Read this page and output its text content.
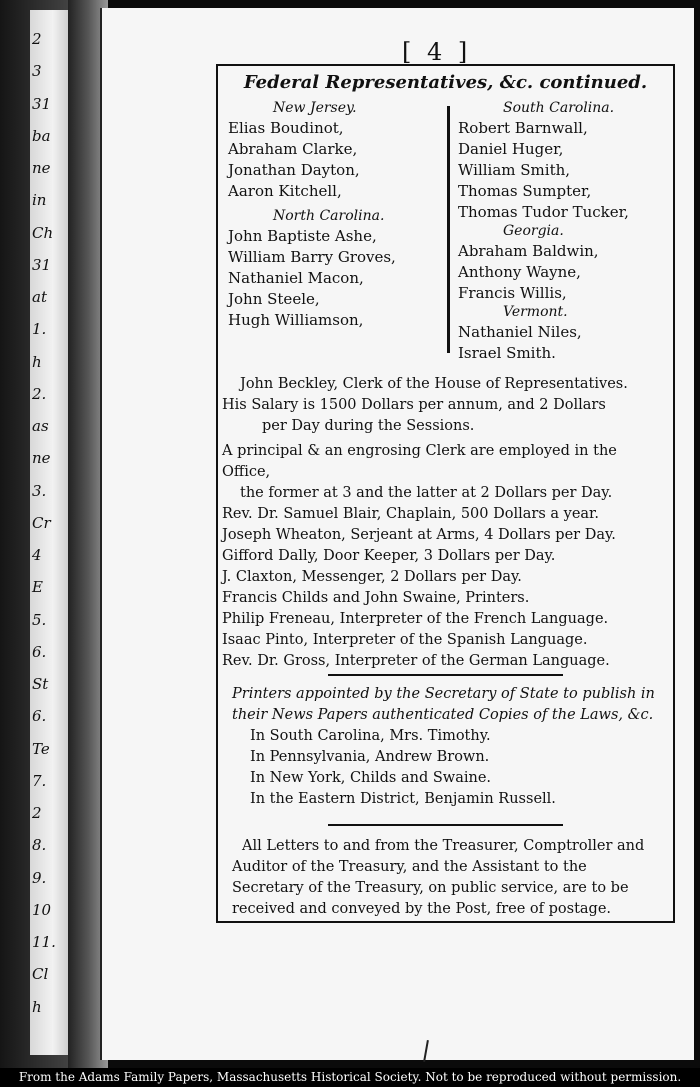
2
3
31
ba
ne
in
Ch
31
at
1.
h
2.
as
ne
3.
Cr
4
E
5.
6.
St
6.
Te
7.
2
8.
9.
10
11.
Cl
h
[ 4 ]
Federal Representatives, &c. continued.
New Jersey.
Elias Boudinot,
Abraham Clarke,
Jonathan Dayton,
Aaron Kitchell,
North Carolina.
John Baptiste Ashe,
William Barry Groves,
Nathaniel Macon,
John Steele,
Hugh Williamson,
South Carolina.
Robert Barnwall,
Daniel Huger,
William Smith,
Thomas Sumpter,
Thomas Tudor Tucker,
Georgia.
Abraham Baldwin,
Anthony Wayne,
Francis Willis,
Vermont.
Nathaniel Niles,
Israel Smith.

John Beckley, Clerk of the House of Representatives.

His Salary is 1500 Dollars per annum, and 2 Dollars

per Day during the Sessions.

A principal & an engrosing Clerk are employed in the Office,

the former at 3 and the latter at 2 Dollars per Day.

Rev. Dr. Samuel Blair, Chaplain, 500 Dollars a year.

Joseph Wheaton, Serjeant at Arms, 4 Dollars per Day.

Gifford Dally, Door Keeper, 3 Dollars per Day.

J. Claxton, Messenger, 2 Dollars per Day.

Francis Childs and John Swaine, Printers.

Philip Freneau, Interpreter of the French Language.

Isaac Pinto, Interpreter of the Spanish Language.

Rev. Dr. Gross, Interpreter of the German Language.

Printers appointed by the Secretary of State to publish in

their News Papers authenticated Copies of the Laws, &c.

In South Carolina, Mrs. Timothy.

In Pennsylvania, Andrew Brown.

In New York, Childs and Swaine.

In the Eastern District, Benjamin Russell.

All Letters to and from the Treasurer, Comptroller and

Auditor of the Treasury, and the Assistant to the

Secretary of the Treasury, on public service, are to be

received and conveyed by the Post, free of postage.

From the Adams Family Papers, Massachusetts Historical Society. Not to be reproduced without permission.
